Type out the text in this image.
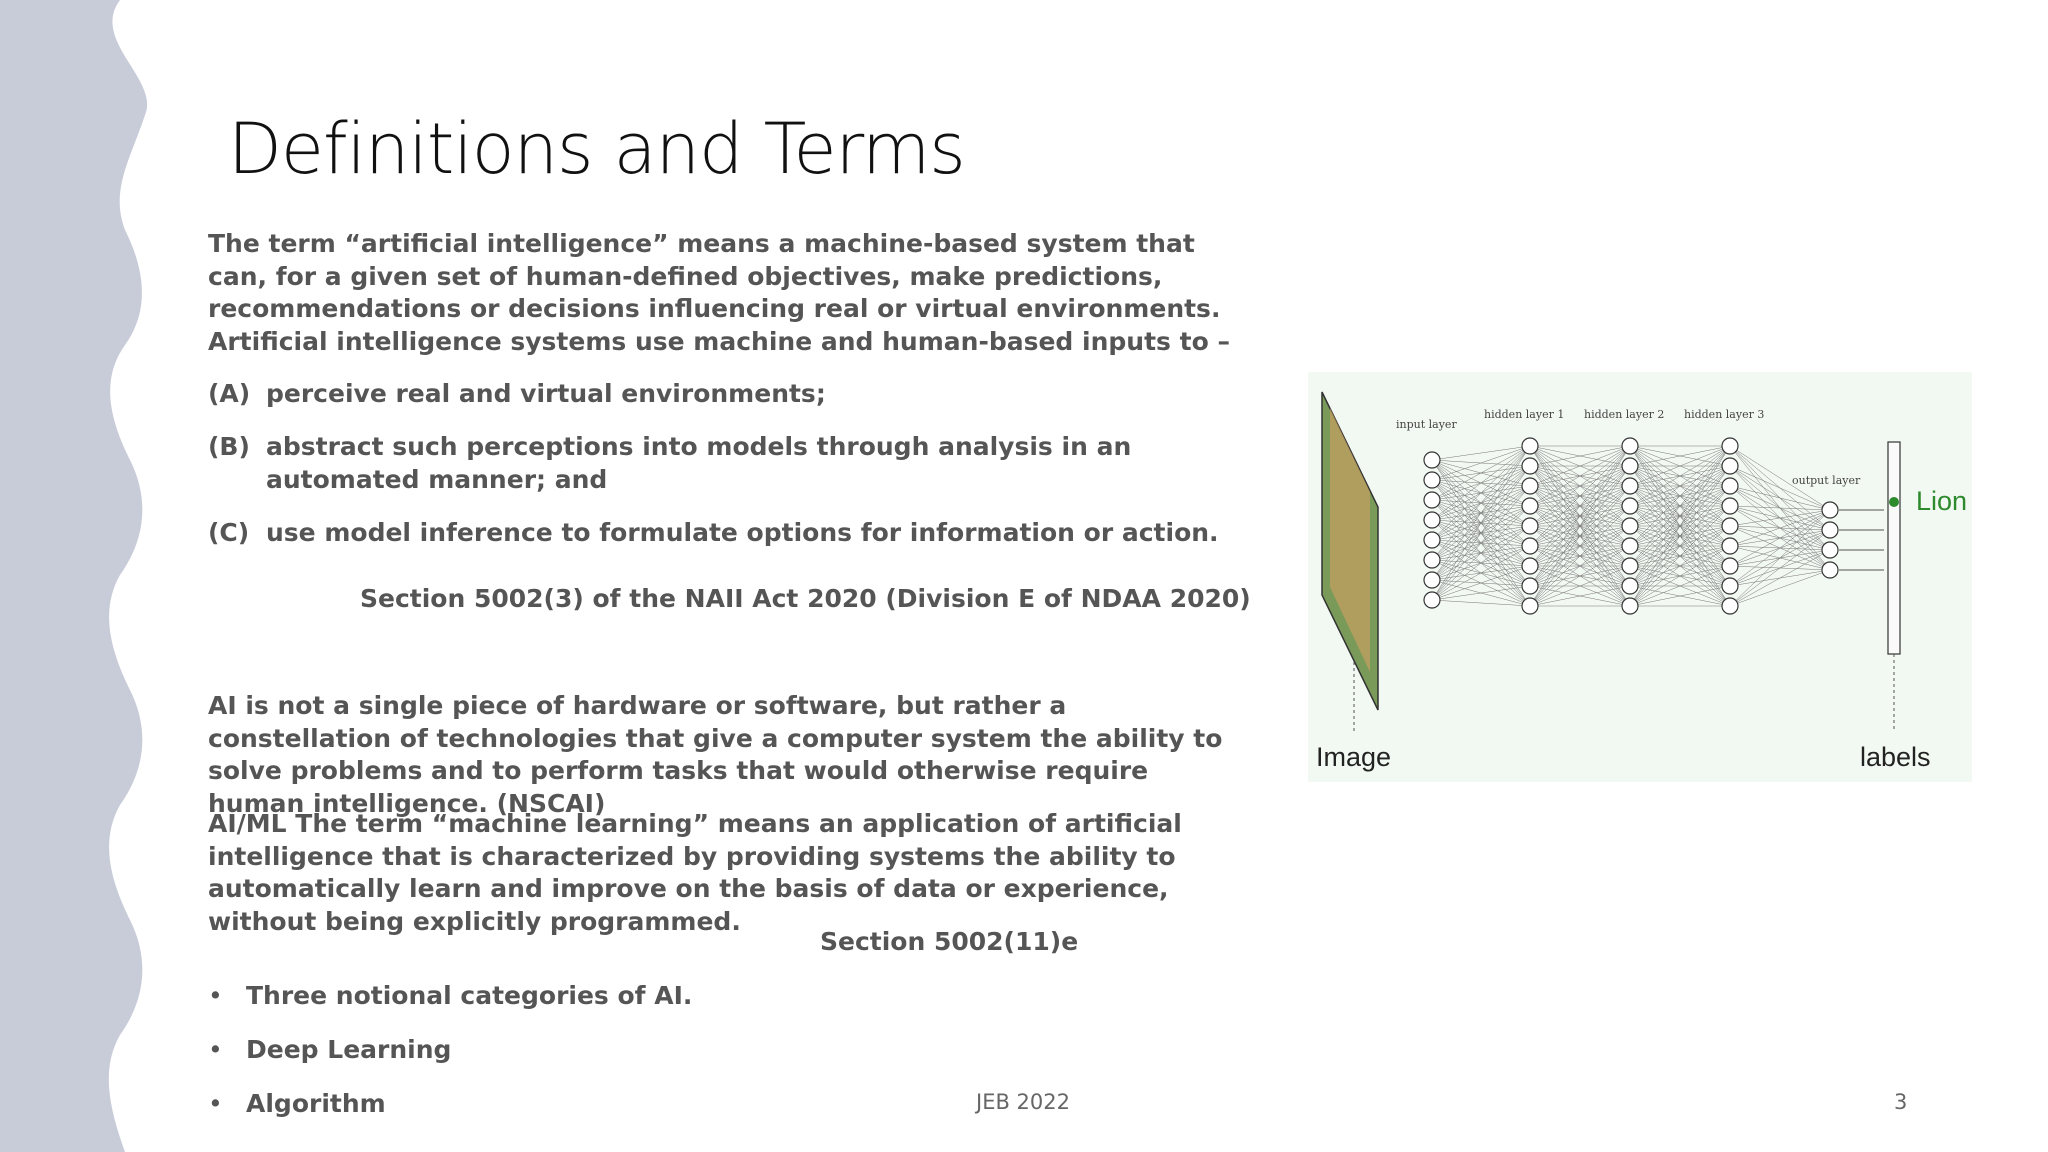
Definitions and Terms
The term “artificial intelligence” means a machine-based system that can, for a given set of human-defined objectives, make predictions, recommendations or decisions influencing real or virtual environments. Artificial intelligence systems use machine and human-based inputs to –
(A) perceive real and virtual environments;
(B) abstract such perceptions into models through analysis in an automated manner; and
(C) use model inference to formulate options for information or action.
Section 5002(3) of the NAII Act 2020 (Division E of NDAA 2020)
AI is not a single piece of hardware or software, but rather a constellation of technologies that give a computer system the ability to solve problems and to perform tasks that would otherwise require human intelligence. (NSCAI)
AI/ML The term “machine learning” means an application of artificial intelligence that is characterized by providing systems the ability to automatically learn and improve on the basis of data or experience, without being explicitly programmed.
Section 5002(11)e
• Three notional categories of AI.
• Deep Learning
• Algorithm	JEB 2022	3
input layer
hidden layer 1 hidden layer 2 hidden layer 3
output layer
Image	labels
Lion
